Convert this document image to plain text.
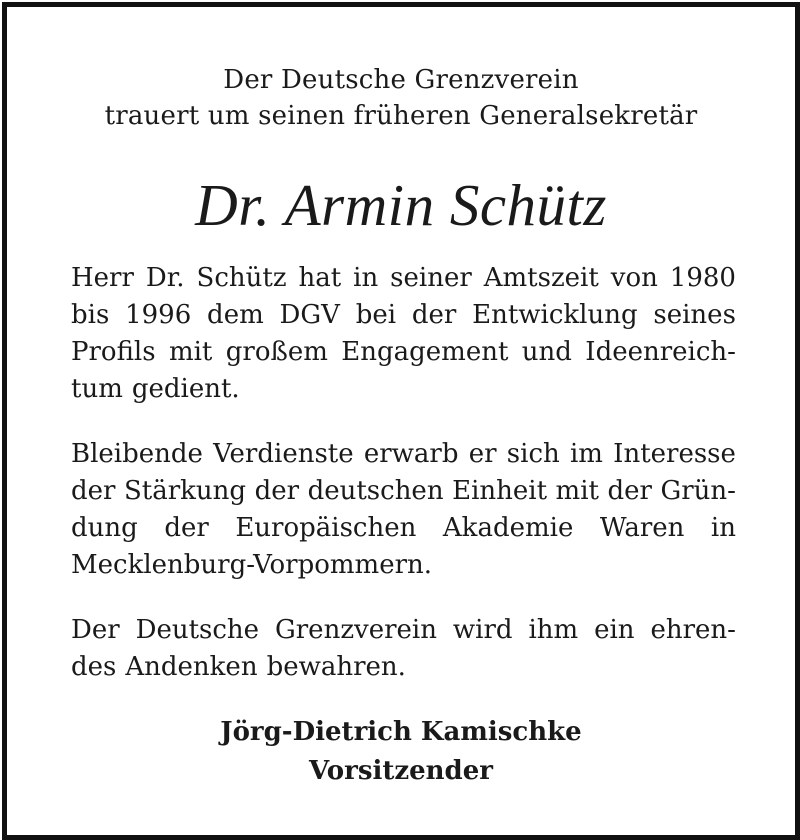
Der Deutsche Grenzverein
trauert um seinen früheren Generalsekretär
Dr. Armin Schütz
Herr Dr. Schütz hat in seiner Amtszeit von 1980
bis 1996 dem DGV bei der Entwicklung seines
Profils mit großem Engagement und Ideenreich-
tum gedient.
Bleibende Verdienste erwarb er sich im Interesse
der Stärkung der deutschen Einheit mit der Grün-
dung der Europäischen Akademie Waren in
Mecklenburg-Vorpommern.
Der Deutsche Grenzverein wird ihm ein ehren-
des Andenken bewahren.
Jörg-Dietrich Kamischke
Vorsitzender
